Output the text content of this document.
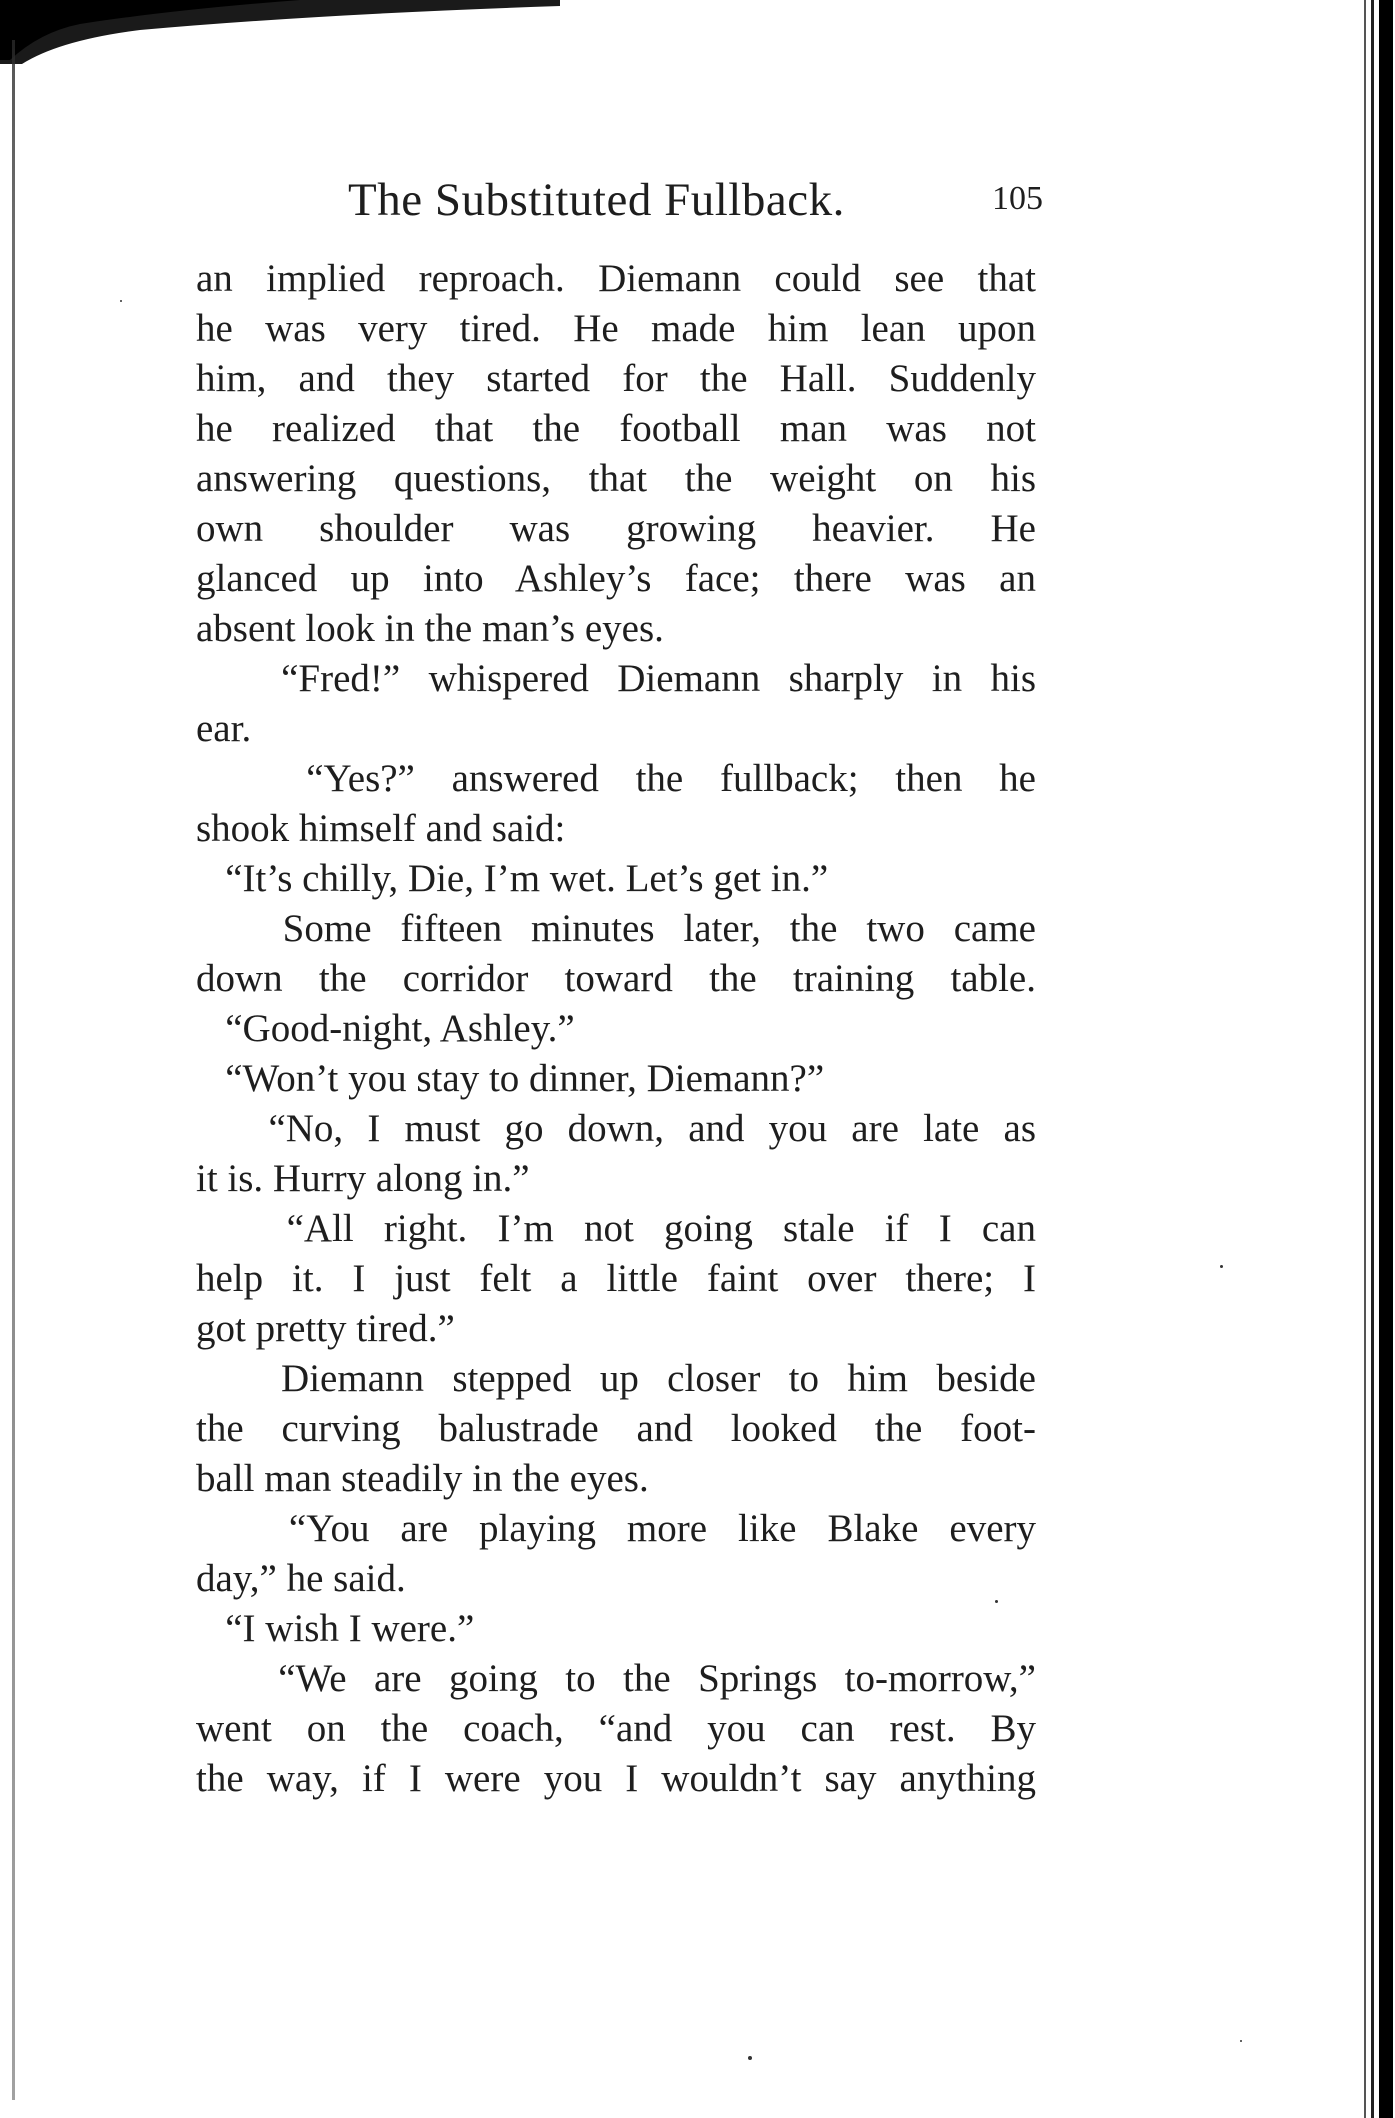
The Substituted Fullback.	105
an implied reproach. Diemann could see that
he was very tired. He made him lean upon
him, and they started for the Hall. Suddenly
he realized that the football man was not
answering questions, that the weight on his
own shoulder was growing heavier. He
glanced up into Ashley’s face; there was an
absent look in the man’s eyes.
“Fred!” whispered Diemann sharply in his
ear.
“Yes?” answered the fullback; then he
shook himself and said:
“It’s chilly, Die, I’m wet. Let’s get in.”
Some fifteen minutes later, the two came
down the corridor toward the training table.
“Good-night, Ashley.”
“Won’t you stay to dinner, Diemann?”
“No, I must go down, and you are late as
it is. Hurry along in.”
“All right. I’m not going stale if I can
help it. I just felt a little faint over there; I
got pretty tired.”
Diemann stepped up closer to him beside
the curving balustrade and looked the foot-
ball man steadily in the eyes.
“You are playing more like Blake every
day,” he said.
“I wish I were.”
“We are going to the Springs to-morrow,”
went on the coach, “and you can rest. By
the way, if I were you I wouldn’t say anything
